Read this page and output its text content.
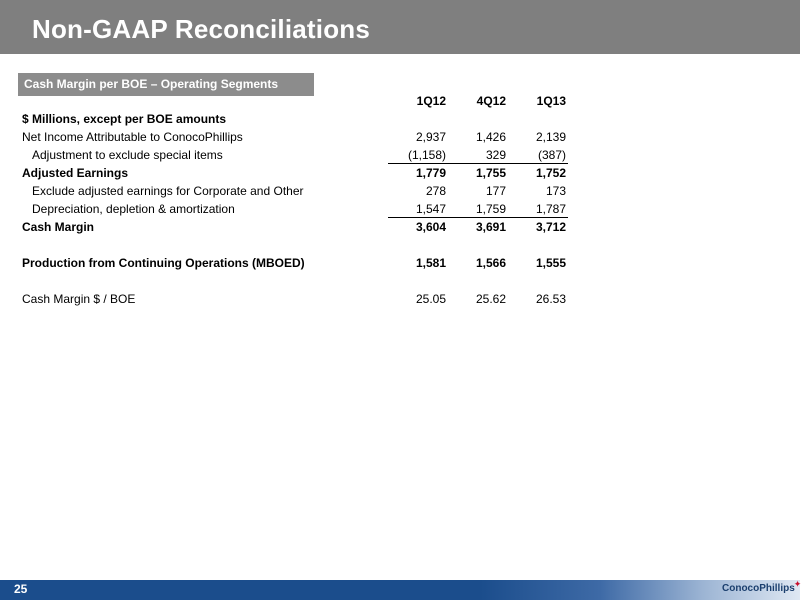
Non-GAAP Reconciliations
Cash Margin per BOE – Operating Segments
1Q12	4Q12	1Q13
$ Millions, except per BOE amounts
Net Income Attributable to ConocoPhillips	2,937	1,426	2,139
Adjustment to exclude special items	(1,158)	329	(387)
Adjusted Earnings	1,779	1,755	1,752
Exclude adjusted earnings for Corporate and Other	278	177	173
Depreciation, depletion & amortization	1,547	1,759	1,787
Cash Margin	3,604	3,691	3,712
Production from Continuing Operations (MBOED)	1,581	1,566	1,555
Cash Margin $ / BOE	25.05	25.62	26.53
25	ConocoPhillips✦
